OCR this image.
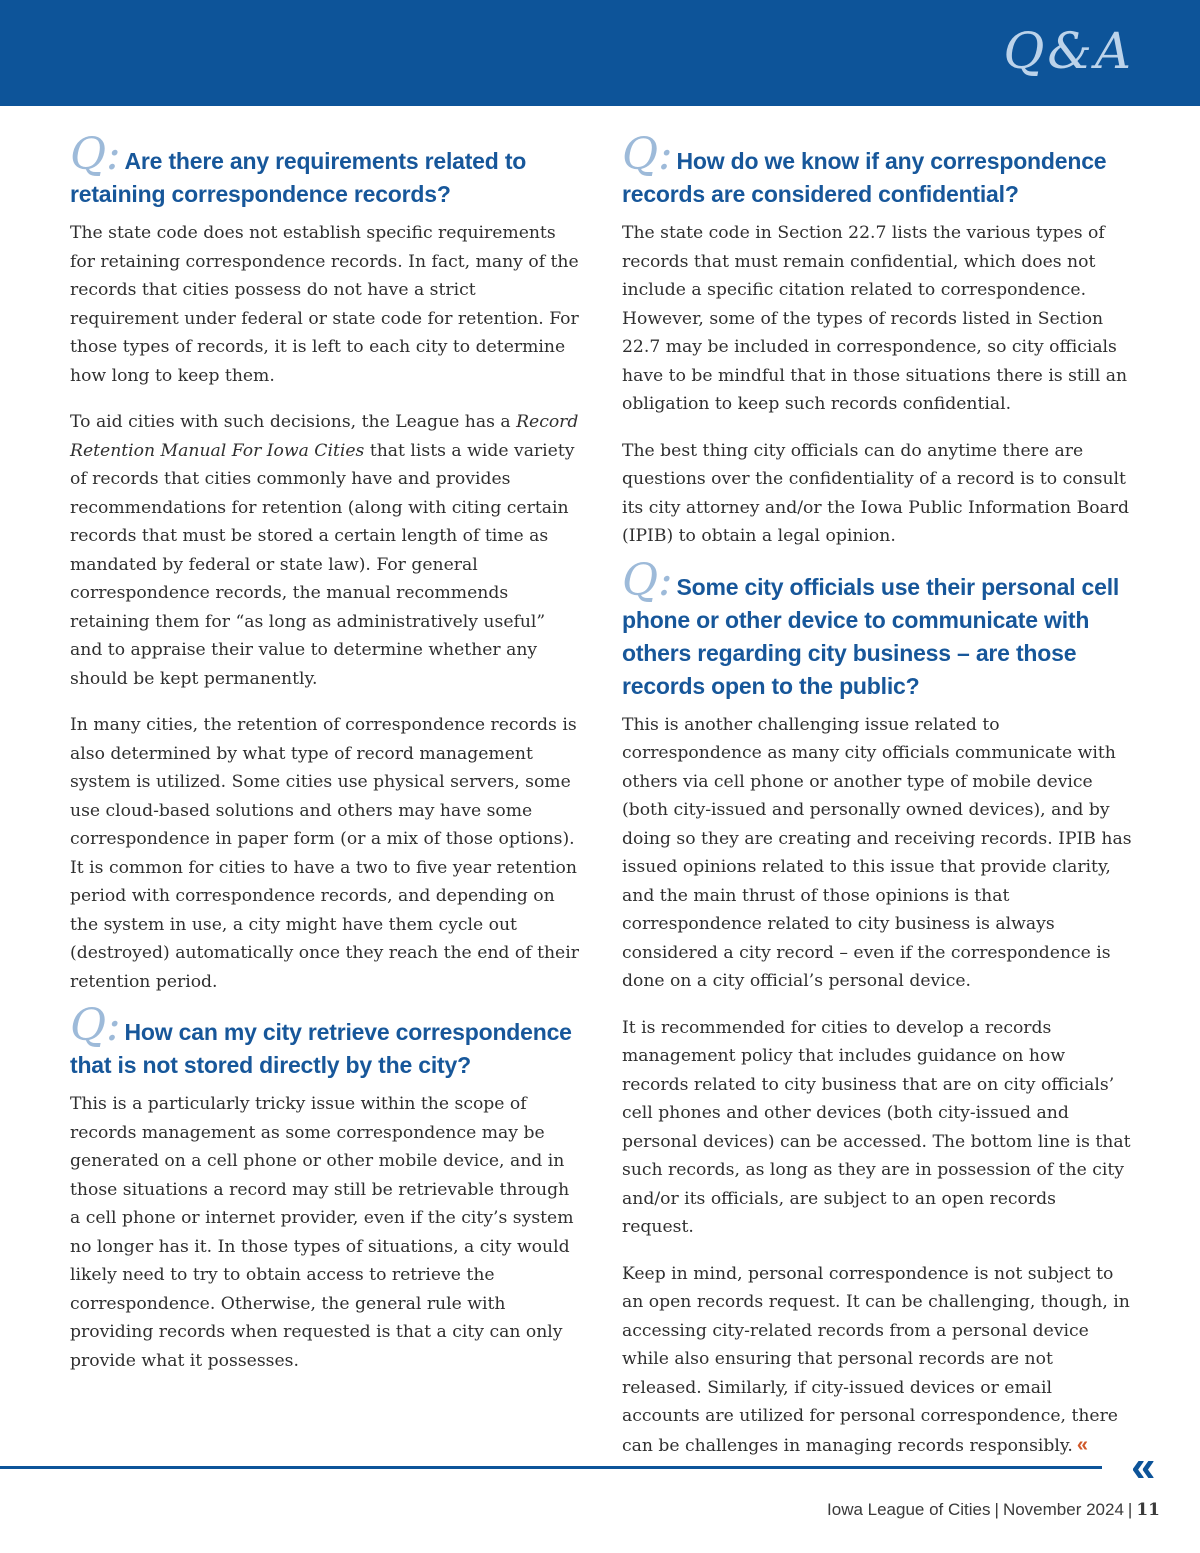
Q&A
Q: Are there any requirements related to retaining correspondence records?

The state code does not establish specific requirements for retaining correspondence records. In fact, many of the records that cities possess do not have a strict requirement under federal or state code for retention. For those types of records, it is left to each city to determine how long to keep them.

To aid cities with such decisions, the League has a Record Retention Manual For Iowa Cities that lists a wide variety of records that cities commonly have and provides recommendations for retention (along with citing certain records that must be stored a certain length of time as mandated by federal or state law). For general correspondence records, the manual recommends retaining them for “as long as administratively useful” and to appraise their value to determine whether any should be kept permanently.

In many cities, the retention of correspondence records is also determined by what type of record management system is utilized. Some cities use physical servers, some use cloud-based solutions and others may have some correspondence in paper form (or a mix of those options). It is common for cities to have a two to five year retention period with correspondence records, and depending on the system in use, a city might have them cycle out (destroyed) automatically once they reach the end of their retention period.

Q: How can my city retrieve correspondence that is not stored directly by the city?

This is a particularly tricky issue within the scope of records management as some correspondence may be generated on a cell phone or other mobile device, and in those situations a record may still be retrievable through a cell phone or internet provider, even if the city’s system no longer has it. In those types of situations, a city would likely need to try to obtain access to retrieve the correspondence. Otherwise, the general rule with providing records when requested is that a city can only provide what it possesses.

Q: How do we know if any correspondence records are considered confidential?

The state code in Section 22.7 lists the various types of records that must remain confidential, which does not include a specific citation related to correspondence. However, some of the types of records listed in Section 22.7 may be included in correspondence, so city officials have to be mindful that in those situations there is still an obligation to keep such records confidential.

The best thing city officials can do anytime there are questions over the confidentiality of a record is to consult its city attorney and/or the Iowa Public Information Board (IPIB) to obtain a legal opinion.

Q: Some city officials use their personal cell phone or other device to communicate with others regarding city business – are those records open to the public?

This is another challenging issue related to correspondence as many city officials communicate with others via cell phone or another type of mobile device (both city-issued and personally owned devices), and by doing so they are creating and receiving records. IPIB has issued opinions related to this issue that provide clarity, and the main thrust of those opinions is that correspondence related to city business is always considered a city record – even if the correspondence is done on a city official’s personal device.

It is recommended for cities to develop a records management policy that includes guidance on how records related to city business that are on city officials’ cell phones and other devices (both city-issued and personal devices) can be accessed. The bottom line is that such records, as long as they are in possession of the city and/or its officials, are subject to an open records request.

Keep in mind, personal correspondence is not subject to an open records request. It can be challenging, though, in accessing city-related records from a personal device while also ensuring that personal records are not released. Similarly, if city-issued devices or email accounts are utilized for personal correspondence, there can be challenges in managing records responsibly. « «
Iowa League of Cities | November 2024 | 11
